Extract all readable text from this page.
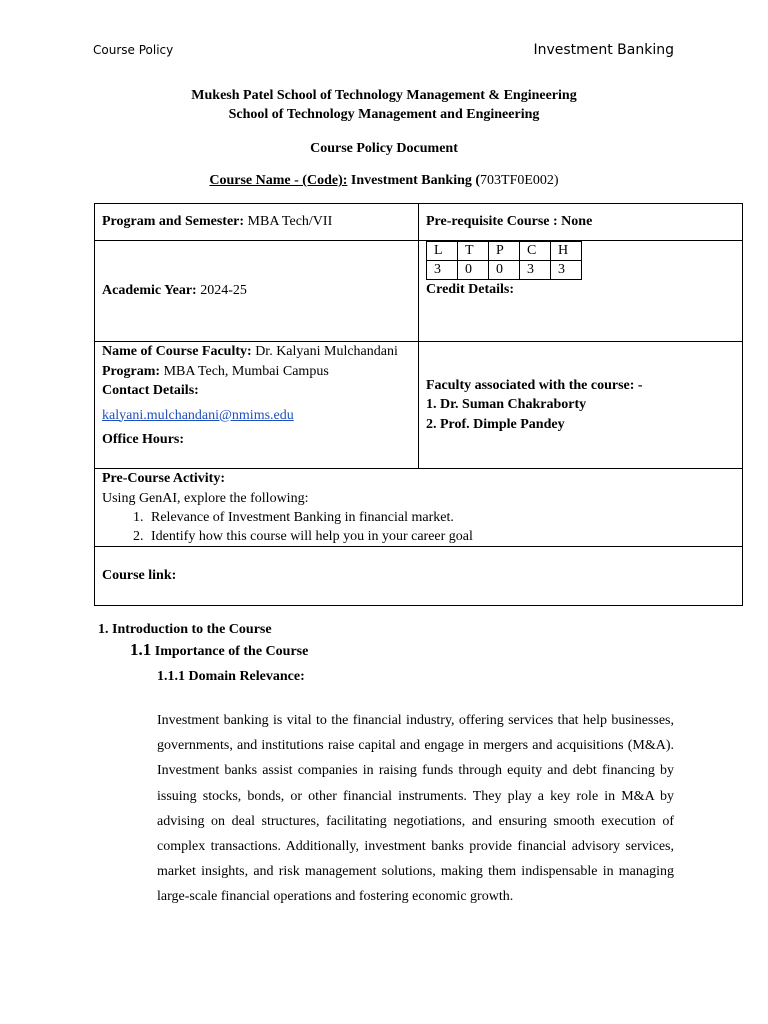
Course Policy	Investment Banking
Mukesh Patel School of Technology Management & Engineering
School of Technology Management and Engineering
Course Policy Document
Course Name - (Code): Investment Banking (703TF0E002)
Program and Semester: MBA Tech/VII	Pre-requisite Course : None
Academic Year: 2024-25	
L	T	P	C	H
3	0	0	3	3
Credit Details:

Name of Course Faculty: Dr. Kalyani Mulchandani
Program: MBA Tech, Mumbai Campus
Contact Details:
kalyani.mulchandani@nmims.edu
Office Hours:

Faculty associated with the course: -
1. Dr. Suman Chakraborty
2. Prof. Dimple Pandey

Pre-Course Activity:
Using GenAI, explore the following:
1. Relevance of Investment Banking in financial market.
2. Identify how this course will help you in your career goal

Course link:
1. Introduction to the Course
1.1 Importance of the Course
1.1.1 Domain Relevance:
Investment banking is vital to the financial industry, offering services that help businesses, governments, and institutions raise capital and engage in mergers and acquisitions (M&A). Investment banks assist companies in raising funds through equity and debt financing by issuing stocks, bonds, or other financial instruments. They play a key role in M&A by advising on deal structures, facilitating negotiations, and ensuring smooth execution of complex transactions. Additionally, investment banks provide financial advisory services, market insights, and risk management solutions, making them indispensable in managing large-scale financial operations and fostering economic growth.
